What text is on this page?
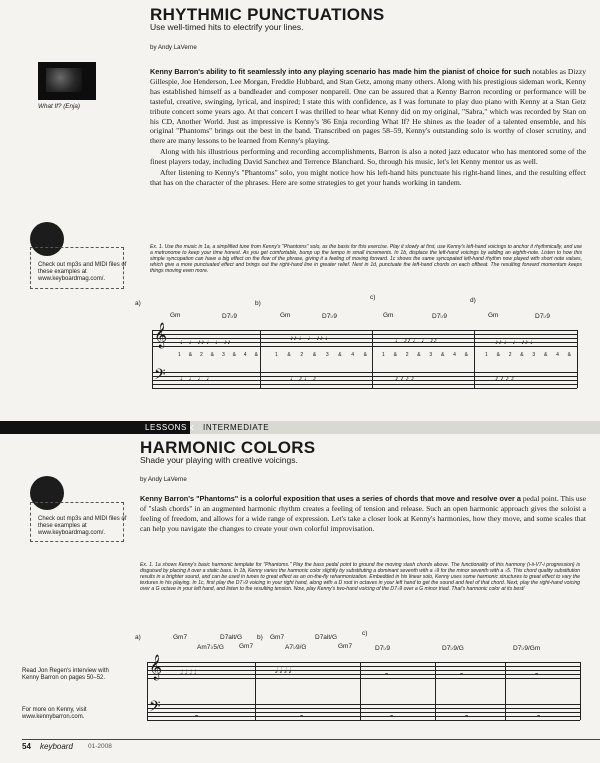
RHYTHMIC PUNCTUATIONS
Use well-timed hits to electrify your lines.
by Andy LaVerne
What If? (Enja)

Kenny Barron's ability to fit seamlessly into any playing scenario has made him the pianist of choice for such notables as Dizzy Gillespie, Joe Henderson, Lee Morgan, Freddie Hubbard, and Stan Getz, among many others. Along with his prestigious sideman work, Kenny has established himself as a bandleader and composer nonpareil. One can be assured that a Kenny Barron recording or performance will be tasteful, creative, swinging, lyrical, and inspired; I state this with confidence, as I was fortunate to play duo piano with Kenny at a Stan Getz tribute concert some years ago. At that concert I was thrilled to hear what Kenny did on my original, "Sabra," which was recorded by Stan on his CD, Another World. Just as impressive is Kenny's '86 Enja recording What If? He shines as the leader of a talented ensemble, and his original "Phantoms" brings out the best in the band. Transcribed on pages 58–59, Kenny's outstanding solo is worthy of closer scrutiny, and there are many lessons to be learned from Kenny's playing.

Along with his illustrious performing and recording accomplishments, Barron is also a noted jazz educator who has mentored some of the finest players today, including David Sanchez and Terrence Blanchard. So, through his music, let's let Kenny mentor us as well.

After listening to Kenny's "Phantoms" solo, you might notice how his left-hand hits punctuate his right-hand lines, and the resulting effect that has on the character of the phrases. Here are some strategies to get your hands working in tandem.

Check out mp3s and MIDI files of these examples at www.keyboardmag.com/.
Ex. 1. Use the music in 1a, a simplified tune from Kenny's "Phantoms" solo, as the basis for this exercise. Play it slowly at first, use Kenny's left-hand voicings to anchor it rhythmically, and use a metronome to keep your time honest. As you get comfortable, bump up the tempo in small increments. In 1b, displace the left-hand voicings by adding an eighth-note. Listen to how this simple syncopation can have a big effect on the flow of the phrase, giving it a feeling of moving forward. 1c shows the same syncopated left-hand rhythm now played with short note values, which give a more punctuated effect and brings out the right-hand line in greater relief. Next in 1d, punctuate the left-hand chords on each offbeat. The resulting forward momentum keeps things moving even more.
a)	b)
c)	d)
Gm	D7♭9	Gm	D7♭9	Gm	D7♭9	Gm	D7♭9
𝄞
𝄢
♩ ♩ ♪♪ ♩ ♩ ♪♪	♪♪ ♩ ♩ ♪♪ ♩	♩ ♪♪ ♩ ♩ ♪♪	♪♪ ♩ ♩ ♪♪ ♩
♩ ♩ ♩ ♩	♩ ♪ ♩ ♪	♪ ♪ ♪ ♪	♪ ♪ ♪ ♪
1 & 2 & 3 & 4 &	1 & 2 & 3 & 4 &	1 & 2 & 3 & 4 &	1 & 2 & 3 & 4 &
LESSONS ‹ INTERMEDIATE
HARMONIC COLORS
Shade your playing with creative voicings.
by Andy LaVerne

Kenny Barron's "Phantoms" is a colorful exposition that uses a series of chords that move and resolve over a pedal point. This use of "slash chords" in an augmented harmonic rhythm creates a feeling of tension and release. Such an open harmonic approach gives the soloist a feeling of freedom, and allows for a wide range of expression. Let's take a closer look at Kenny's harmonies, how they move, and some scales that can help you navigate the changes to create your own colorful improvisation.

Check out mp3s and MIDI files of these examples at www.keyboardmag.com/.
Ex. 1. 1a shows Kenny's basic harmonic template for "Phantoms." Play the bass pedal point to ground the moving slash chords above. The functionality of this harmony (i-ii-V7-i progression) is disguised by placing it over a static bass. In 1b, Kenny varies the harmonic color slightly by substituting a dominant seventh with a ♭9 for the minor seventh with a ♭5. This chord quality substitution results in a brighter sound, and can be used in tunes to great effect as an on-the-fly reharmonization. Embedded in his linear solo, Kenny uses some harmonic structures to great effect to vary the textures in his playing. In 1c, first play the D7♭9 voicing in your right hand, along with a D root in octaves in your left hand to get the sound and feel of that chord. Next, play the right-hand voicing over a G octave in your left hand, and listen to the resulting tension. Now, play Kenny's two-hand voicing of the D7♭9 over a G minor triad. That's harmonic color at its best!
a)	b)
c)
Gm7	D7alt/G	Gm7	D7alt/G
D7♭9	D7♭9/G	D7♭9/Gm
Am7♭5/G Gm7	A7♭9/G	Gm7
𝄞
𝄢
𝅗𝅥 𝅗𝅥 𝅗𝅥 𝅗𝅥	𝅗𝅥 𝅗𝅥 𝅗𝅥 𝅗𝅥	𝅝	𝅝	𝅝
𝅝	𝅝	𝅝	𝅝	𝅝
Read Jon Regen's interview with Kenny Barron on pages 50–52.
For more on Kenny, visit www.kennybarron.com.
54 keyboard 01-2008
